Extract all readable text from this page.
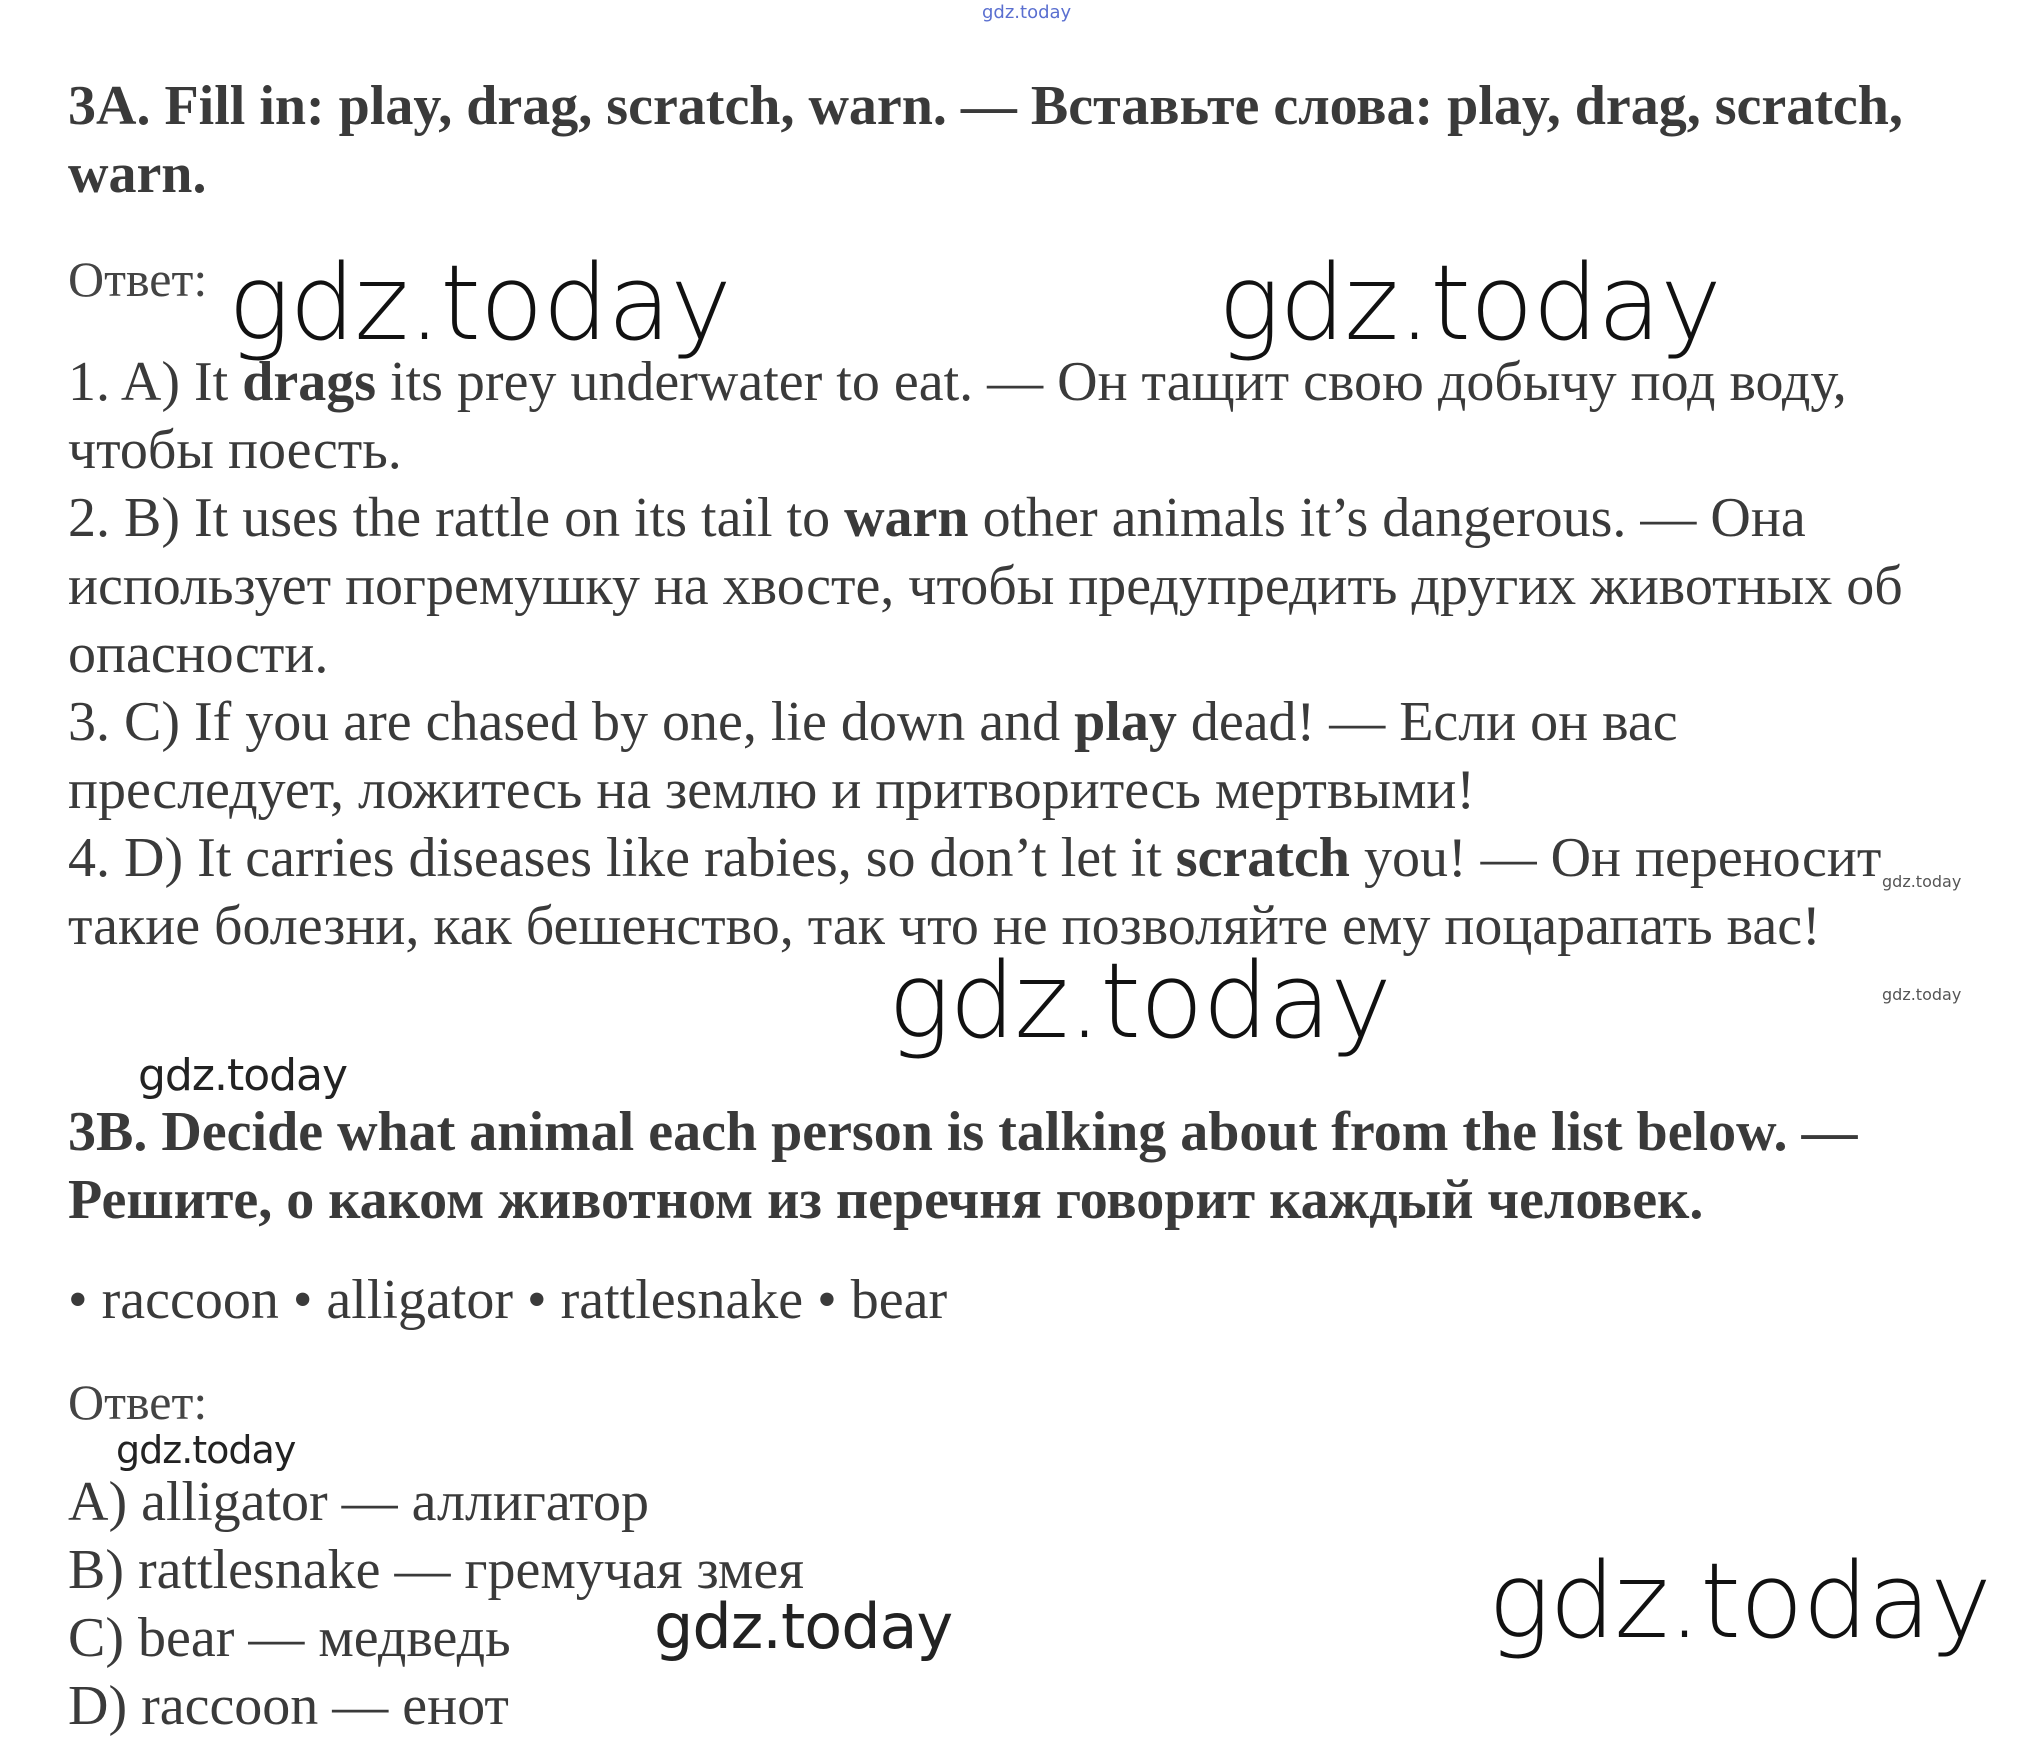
gdz.today
3A. Fill in: play, drag, scratch, warn. — Вставьте слова: play, drag, scratch,
warn.
Ответ: gdz.today	gdz.today
1. A) It drags its prey underwater to eat. — Он тащит свою добычу под воду,
чтобы поесть.
2. B) It uses the rattle on its tail to warn other animals it’s dangerous. — Она
использует погремушку на хвосте, чтобы предупредить других животных об
опасности.
3. C) If you are chased by one, lie down and play dead! — Если он вас
преследует, ложитесь на землю и притворитесь мертвыми!
4. D) It carries diseases like rabies, so don’t let it scratch you! — Он переносит gdz.today
такие болезни, как бешенство, так что не позволяйте ему поцарапать вас!
gdz.today	gdz.today
gdz.today
3B. Decide what animal each person is talking about from the list below. —
Решите, о каком животном из перечня говорит каждый человек.
• raccoon • alligator • rattlesnake • bear
Ответ:
gdz.today
A) alligator — аллигатор
B) rattlesnake — гремучая змея
C) bear — медведь
D) raccoon — енот
gdz.today	gdz.today
